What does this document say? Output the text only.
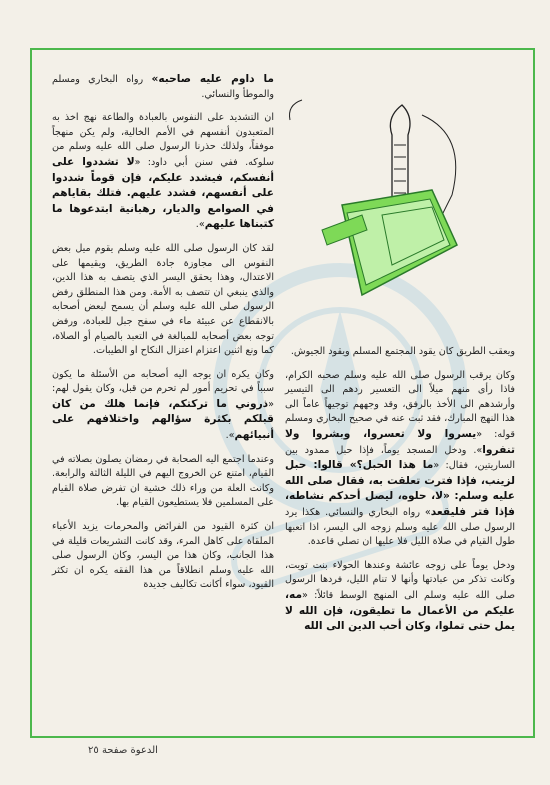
ما داوم عليه صاحبه» رواه البخاري ومسلم والموطأ والنسائي.

ان التشديد على النفوس بالعبادة والطاعة نهج اخذ به المتعبدون أنفسهم في الأمم الخالية، ولم يكن منهجاً موفقاً، ولذلك حذرنا الرسول صلى الله عليه وسلم من سلوكه. ففي سنن أبي داود: «لا تشددوا على أنفسكم، فيشدد عليكم، فإن قوماً شددوا على أنفسهم، فشدد عليهم. فتلك بقاياهم في الصوامع والديار، رهبانية ابتدعوها ما كتبناها عليهم».

لقد كان الرسول صلى الله عليه وسلم يقوم ميل بعض النفوس الى مجاوزة جادة الطريق، ويقيمها على الاعتدال، وهذا يحقق اليسر الذي يتصف به هذا الدين، والذي ينبغي ان تتصف به الأمة. ومن هذا المنطلق رفض الرسول صلى الله عليه وسلم أن يسمح لبعض أصحابه بالانقطاع عن عبيئة ماء في سفح جبل للعبادة، ورفض توجه بعض أصحابه للمبالغة في التعبد بالصيام أو الصلاة، كما ونع اثنين اعتزام اعتزال النكاح او الطيبات.

وكان يكره ان يوجه اليه أصحابه من الأسئلة ما يكون سبباً في تحريم أمور لم تحرم من قبل، وكان يقول لهم: «ذروني ما تركتكم، فإنما هلك من كان قبلكم بكثرة سؤالهم واختلافهم على أنبيائهم».

وعندما اجتمع اليه الصحابة في رمضان يصلون بصلاته في القيام، امتنع عن الخروج اليهم في الليلة الثالثة والرابعة. وكانت العلة من وراء ذلك خشية ان تفرض صلاة القيام على المسلمين فلا يستطيعون القيام بها.

ان كثرة القيود من الفرائض والمحرمات يزيد الأعباء الملقاة على كاهل المرء، وقد كانت التشريعات قليلة في هذا الجانب، وكان هذا من اليسر، وكان الرسول صلى الله عليه وسلم انطلاقاً من هذا الفقه يكره ان تكثر القيود، سواء أكانت تكاليف جديدة

ويعقب الطريق كان يقود المجتمع المسلم ويقود الجيوش.

وكان يرقب الرسول صلى الله عليه وسلم صحبه الكرام، فاذا رأى منهم ميلاً الى التعسير ردهم الى التيسير وأرشدهم الى الأخذ بالرفق، وقد وجههم توجيهاً عاماً الى هذا النهج المبارك، فقد ثبت عنه في صحيح البخاري ومسلم قوله: «يسروا ولا تعسروا، وبشروا ولا تنفروا». ودخل المسجد يوماً، فإذا حبل ممدود بين الساريتين، فقال: «ما هذا الحبل؟» قالوا: حبل لزينب، فإذا فترت تعلقت به، فقال صلى الله عليه وسلم: «لا، حلوه، ليصل أحدكم نشاطه، فإذا فتر فليقعد» رواه البخاري والنسائي. هكذا يرد الرسول صلى الله عليه وسلم زوجه الى اليسر، اذا اتعبها طول القيام في صلاة الليل فلا عليها ان تصلي قاعدة.

ودخل يوماً على زوجه عائشة وعندها الحولاء بنت تويت، وكانت تذكر من عبادتها وأنها لا تنام الليل، فردها الرسول صلى الله عليه وسلم الى المنهج الوسط قائلاً: «مه، عليكم من الأعمال ما تطيقون، فإن الله لا يمل حتى تملوا، وكان أحب الدين الى الله

الدعوة صفحة ٢٥
